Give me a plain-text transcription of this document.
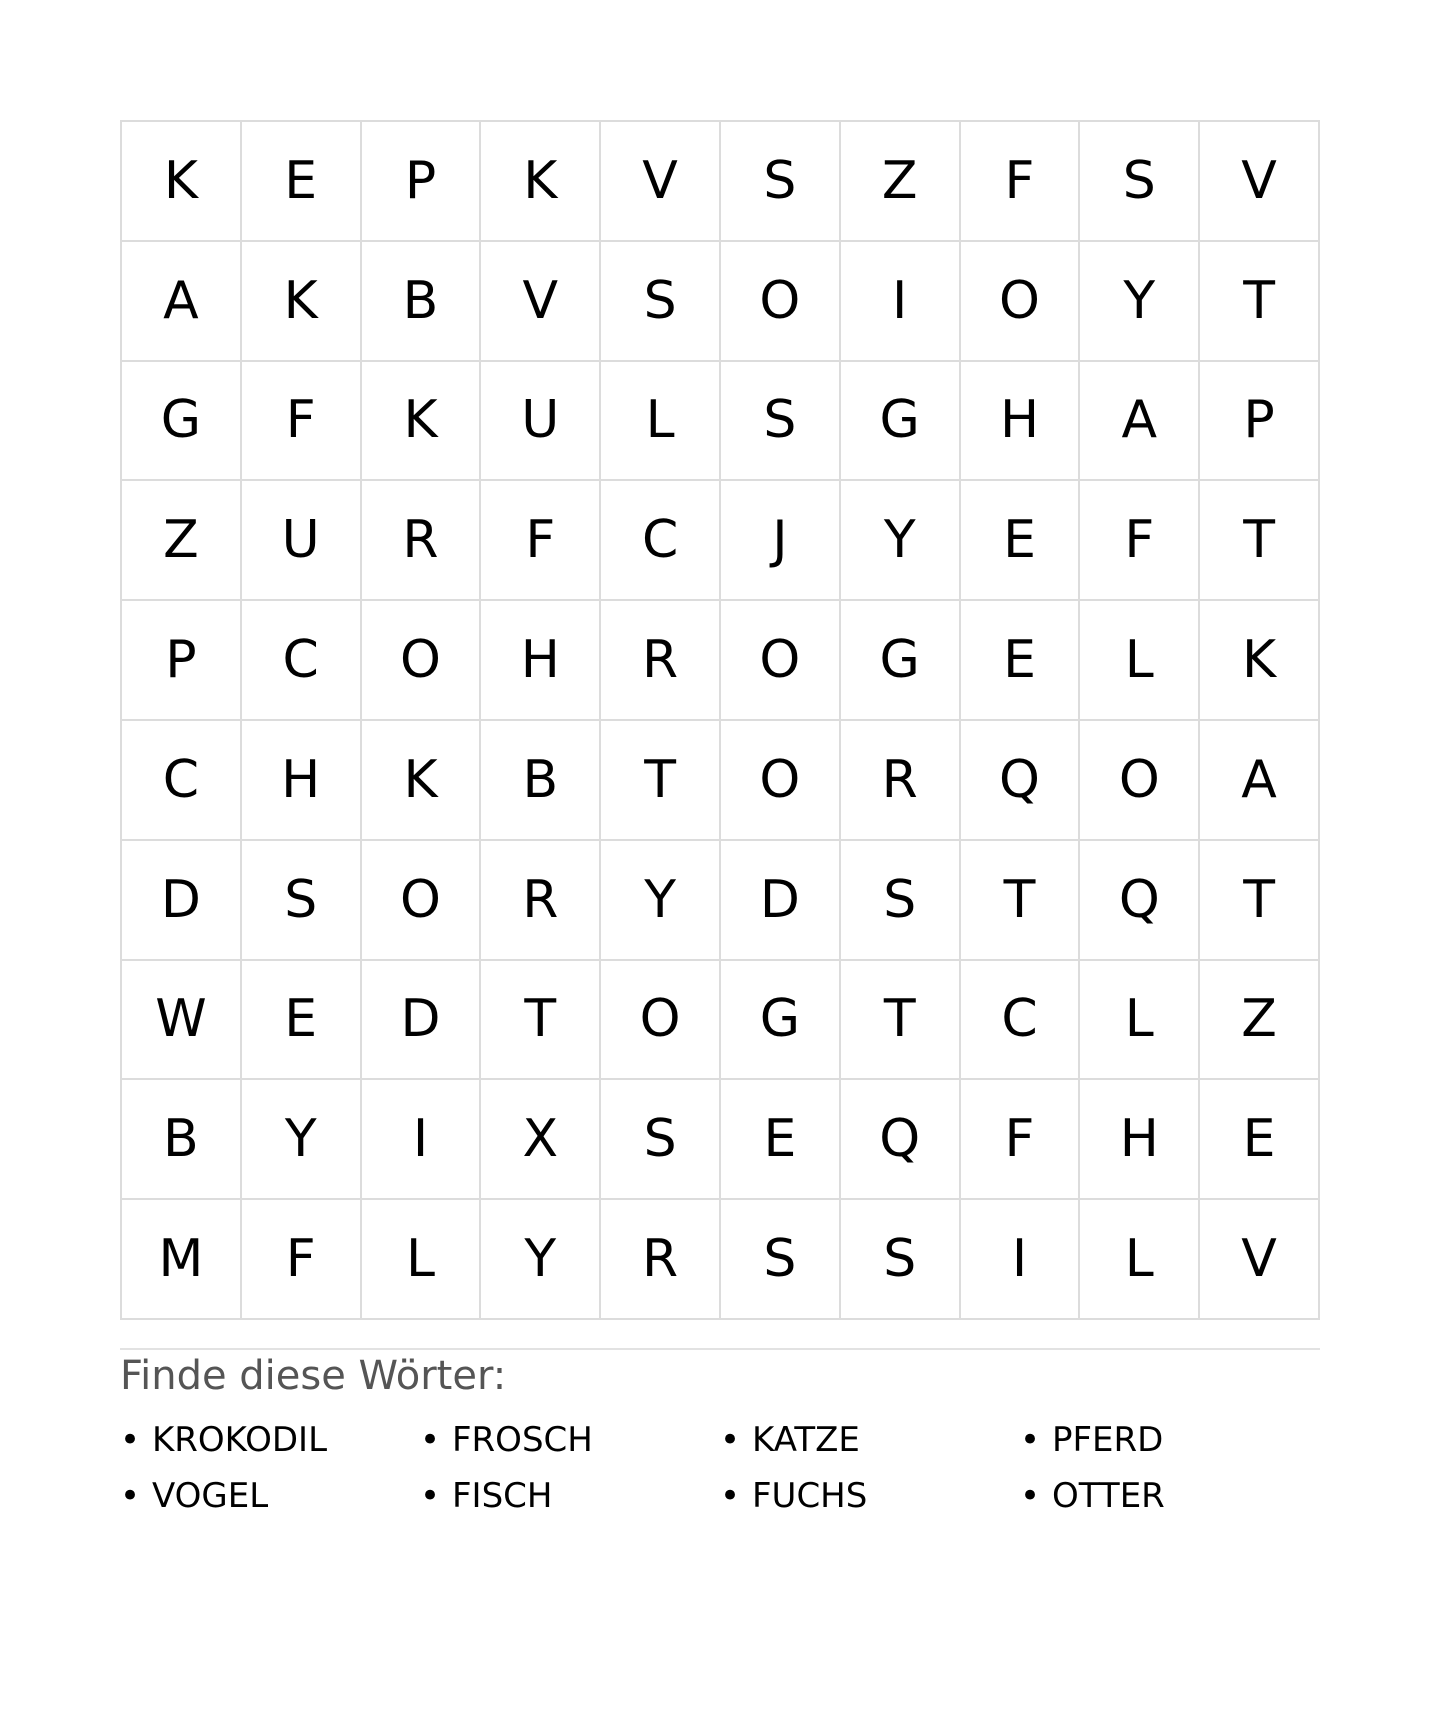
K	E	P	K	V	S	Z	F	S	V
A	K	B	V	S	O	I	O	Y	T
G	F	K	U	L	S	G	H	A	P
Z	U	R	F	C	J	Y	E	F	T
P	C	O	H	R	O	G	E	L	K
C	H	K	B	T	O	R	Q	O	A
D	S	O	R	Y	D	S	T	Q	T
W	E	D	T	O	G	T	C	L	Z
B	Y	I	X	S	E	Q	F	H	E
M	F	L	Y	R	S	S	I	L	V
Finde diese Wörter:
• KROKODIL	• FROSCH	• KATZE	• PFERD
• VOGEL	• FISCH	• FUCHS	• OTTER
